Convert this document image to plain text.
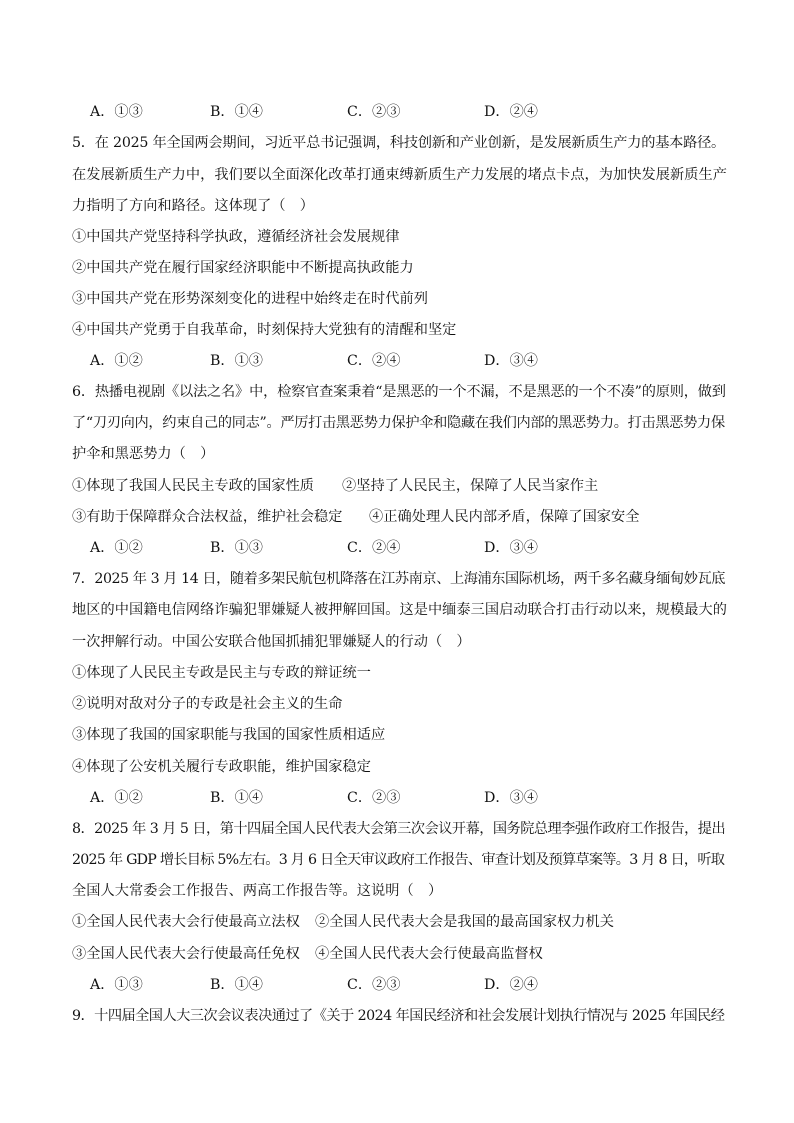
A．①③	B．①④	C．②③	D．②④
5．在 2025 年全国两会期间，习近平总书记强调，科技创新和产业创新，是发展新质生产力的基本路径。
在发展新质生产力中，我们要以全面深化改革打通束缚新质生产力发展的堵点卡点，为加快发展新质生产
力指明了方向和路径。这体现了（　）
①中国共产党坚持科学执政，遵循经济社会发展规律
②中国共产党在履行国家经济职能中不断提高执政能力
③中国共产党在形势深刻变化的进程中始终走在时代前列
④中国共产党勇于自我革命，时刻保持大党独有的清醒和坚定
A．①②	B．①③	C．②④	D．③④
6．热播电视剧《以法之名》中，检察官查案秉着“是黑恶的一个不漏，不是黑恶的一个不凑”的原则，做到
了“刀刃向内，约束自己的同志”。严厉打击黑恶势力保护伞和隐藏在我们内部的黑恶势力。打击黑恶势力保
护伞和黑恶势力（　）
①体现了我国人民民主专政的国家性质 ②坚持了人民民主，保障了人民当家作主
③有助于保障群众合法权益，维护社会稳定 ④正确处理人民内部矛盾，保障了国家安全
A．①②	B．①③	C．②④	D．③④
7．2025 年 3 月 14 日，随着多架民航包机降落在江苏南京、上海浦东国际机场，两千多名藏身缅甸妙瓦底
地区的中国籍电信网络诈骗犯罪嫌疑人被押解回国。这是中缅泰三国启动联合打击行动以来，规模最大的
一次押解行动。中国公安联合他国抓捕犯罪嫌疑人的行动（　）
①体现了人民民主专政是民主与专政的辩证统一
②说明对敌对分子的专政是社会主义的生命
③体现了我国的国家职能与我国的国家性质相适应
④体现了公安机关履行专政职能，维护国家稳定
A．①②	B．①④	C．②③	D．③④
8．2025 年 3 月 5 日，第十四届全国人民代表大会第三次会议开幕，国务院总理李强作政府工作报告，提出
2025 年 GDP 增长目标 5%左右。3 月 6 日全天审议政府工作报告、审查计划及预算草案等。3 月 8 日，听取
全国人大常委会工作报告、两高工作报告等。这说明（　）
①全国人民代表大会行使最高立法权 ②全国人民代表大会是我国的最高国家权力机关
③全国人民代表大会行使最高任免权 ④全国人民代表大会行使最高监督权
A．①③	B．①④	C．②③	D．②④
9．十四届全国人大三次会议表决通过了《关于 2024 年国民经济和社会发展计划执行情况与 2025 年国民经
